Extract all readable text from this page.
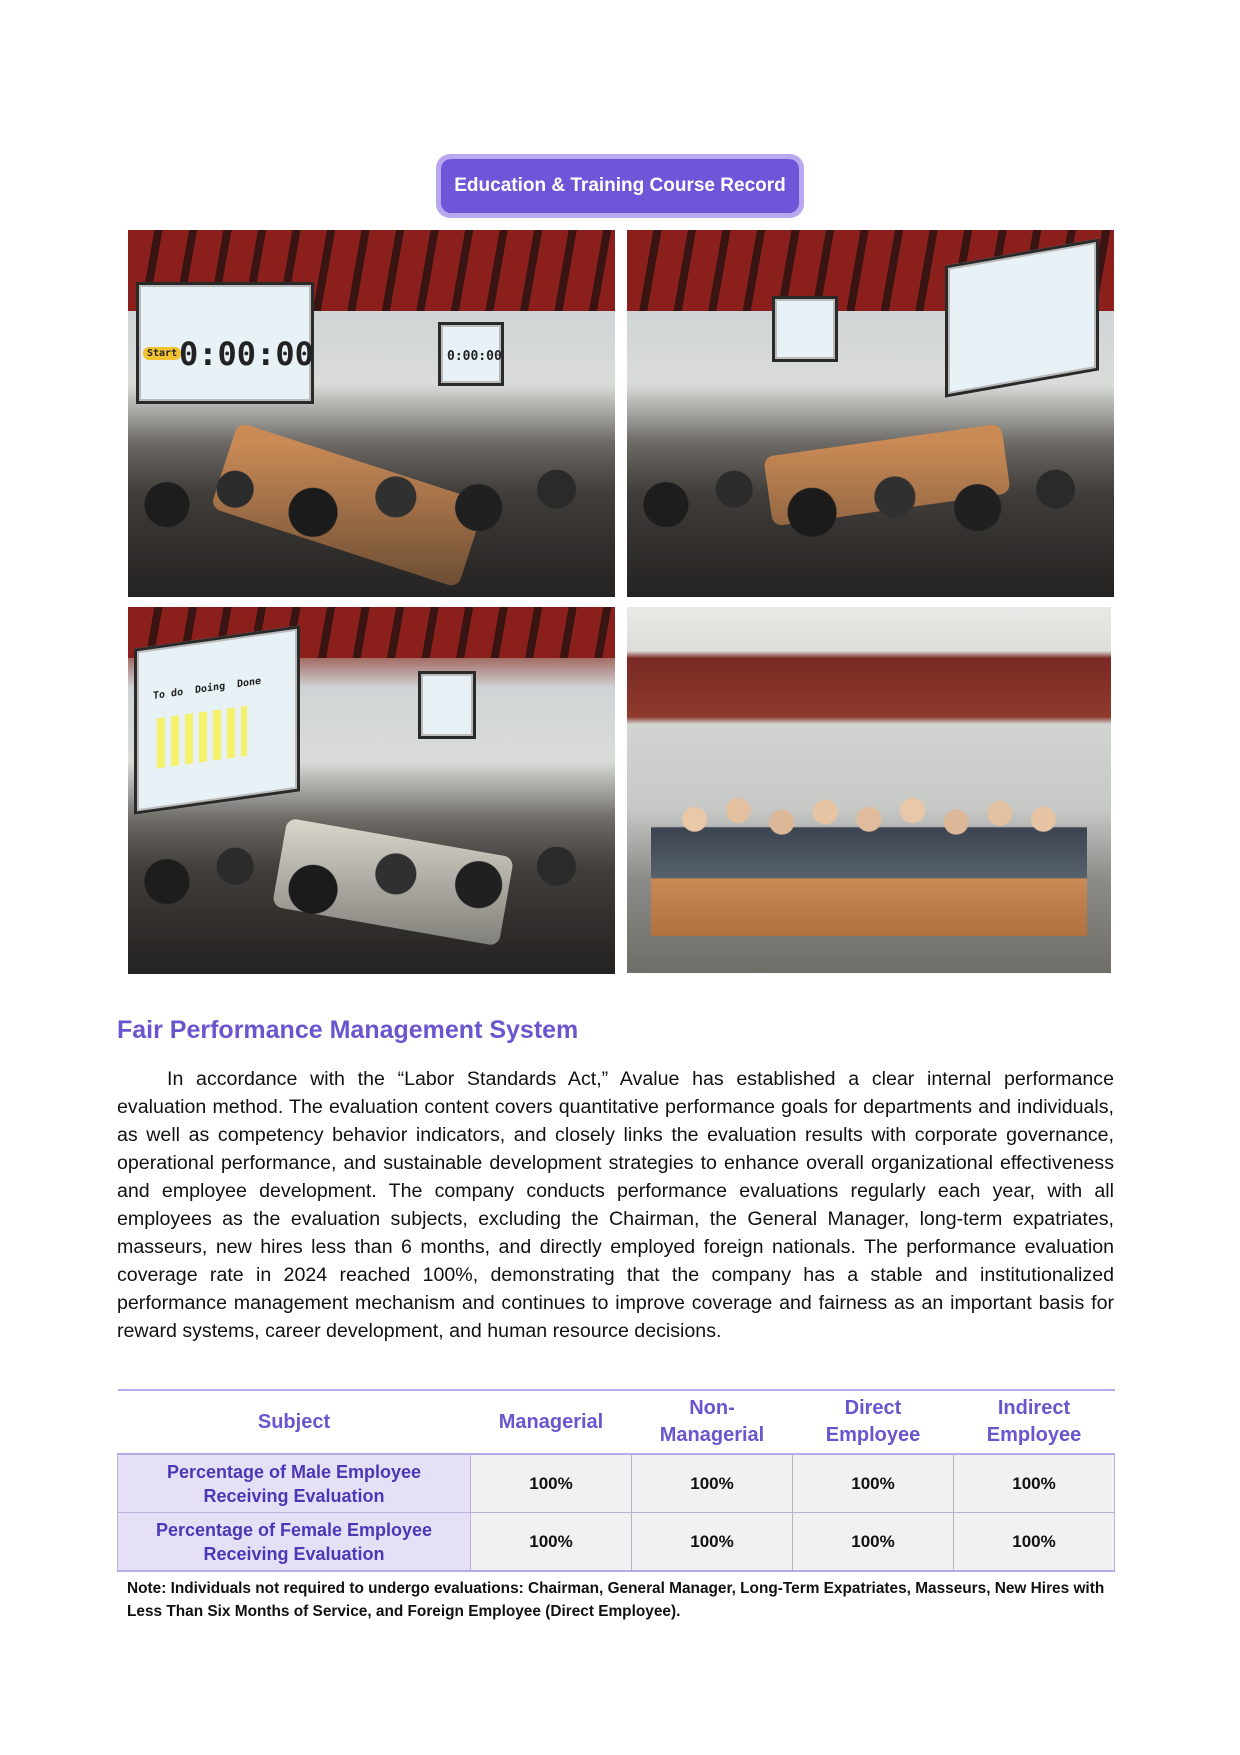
Education & Training Course Record
Start 0:00:00	0:00:00
To do Doing Done
Fair Performance Management System

In accordance with the “Labor Standards Act,” Avalue has established a clear internal performance evaluation method. The evaluation content covers quantitative performance goals for departments and individuals, as well as competency behavior indicators, and closely links the evaluation results with corporate governance, operational performance, and sustainable development strategies to enhance overall organizational effectiveness and employee development. The company conducts performance evaluations regularly each year, with all employees as the evaluation subjects, excluding the Chairman, the General Manager, long-term expatriates, masseurs, new hires less than 6 months, and directly employed foreign nationals. The performance evaluation coverage rate in 2024 reached 100%, demonstrating that the company has a stable and institutionalized performance management mechanism and continues to improve coverage and fairness as an important basis for reward systems, career development, and human resource decisions.

Subject	Managerial	Non-Managerial	Direct Employee	Indirect Employee
Percentage of Male Employee Receiving Evaluation	100%	100%	100%	100%
Percentage of Female Employee Receiving Evaluation	100%	100%	100%	100%

Note: Individuals not required to undergo evaluations: Chairman, General Manager, Long-Term Expatriates, Masseurs, New Hires with Less Than Six Months of Service, and Foreign Employee (Direct Employee).
